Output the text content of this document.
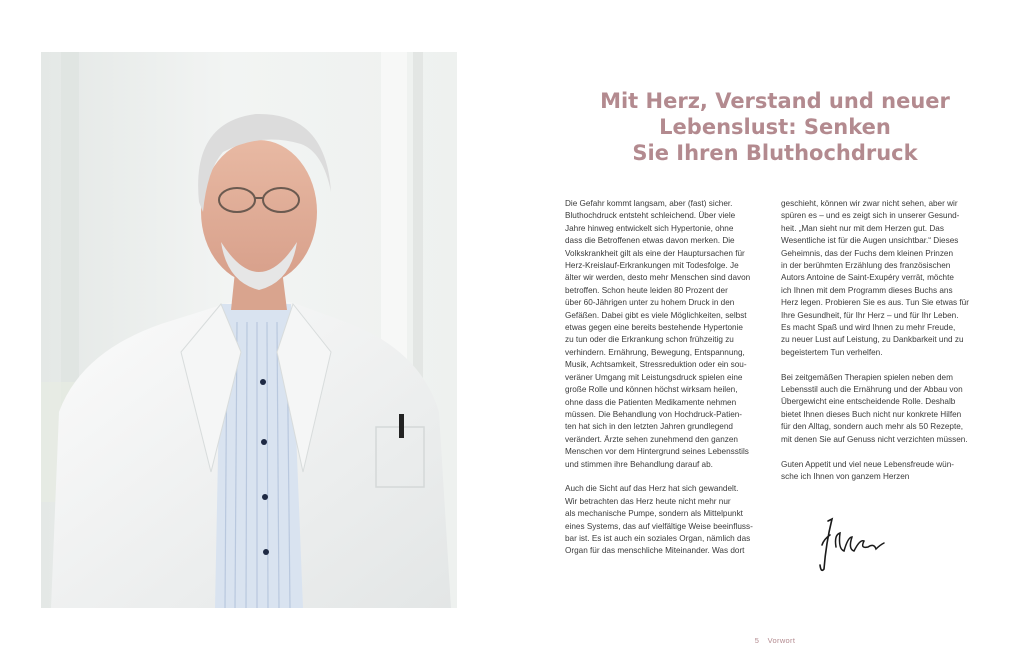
Mit Herz, Verstand und neuer
Lebenslust: Senken
Sie Ihren Bluthochdruck

Die Gefahr kommt langsam, aber (fast) sicher.
Bluthochdruck entsteht schleichend. Über viele
Jahre hinweg entwickelt sich Hypertonie, ohne
dass die Betroffenen etwas davon merken. Die
Volkskrankheit gilt als eine der Hauptursachen für
Herz-Kreislauf-Erkrankungen mit Todesfolge. Je
älter wir werden, desto mehr Menschen sind davon
betroffen. Schon heute leiden 80 Prozent der
über 60-Jährigen unter zu hohem Druck in den
Gefäßen. Dabei gibt es viele Möglichkeiten, selbst
etwas gegen eine bereits bestehende Hypertonie
zu tun oder die Erkrankung schon frühzeitig zu
verhindern. Ernährung, Bewegung, Entspannung,
Musik, Achtsamkeit, Stressreduktion oder ein sou-
veräner Umgang mit Leistungsdruck spielen eine
große Rolle und können höchst wirksam heilen,
ohne dass die Patienten Medikamente nehmen
müssen. Die Behandlung von Hochdruck-Patien-
ten hat sich in den letzten Jahren grundlegend
verändert. Ärzte sehen zunehmend den ganzen
Menschen vor dem Hintergrund seines Lebensstils
und stimmen ihre Behandlung darauf ab.

Auch die Sicht auf das Herz hat sich gewandelt.
Wir betrachten das Herz heute nicht mehr nur
als mechanische Pumpe, sondern als Mittelpunkt
eines Systems, das auf vielfältige Weise beeinfluss-
bar ist. Es ist auch ein soziales Organ, nämlich das
Organ für das menschliche Miteinander. Was dort

geschieht, können wir zwar nicht sehen, aber wir
spüren es – und es zeigt sich in unserer Gesund-
heit. „Man sieht nur mit dem Herzen gut. Das
Wesentliche ist für die Augen unsichtbar.“ Dieses
Geheimnis, das der Fuchs dem kleinen Prinzen
in der berühmten Erzählung des französischen
Autors Antoine de Saint-Exupéry verrät, möchte
ich Ihnen mit dem Programm dieses Buchs ans
Herz legen. Probieren Sie es aus. Tun Sie etwas für
Ihre Gesundheit, für Ihr Herz – und für Ihr Leben.
Es macht Spaß und wird Ihnen zu mehr Freude,
zu neuer Lust auf Leistung, zu Dankbarkeit und zu
begeistertem Tun verhelfen.

Bei zeitgemäßen Therapien spielen neben dem
Lebensstil auch die Ernährung und der Abbau von
Übergewicht eine entscheidende Rolle. Deshalb
bietet Ihnen dieses Buch nicht nur konkrete Hilfen
für den Alltag, sondern auch mehr als 50 Rezepte,
mit denen Sie auf Genuss nicht verzichten müssen.

Guten Appetit und viel neue Lebensfreude wün-
sche ich Ihnen von ganzem Herzen

5 Vorwort
